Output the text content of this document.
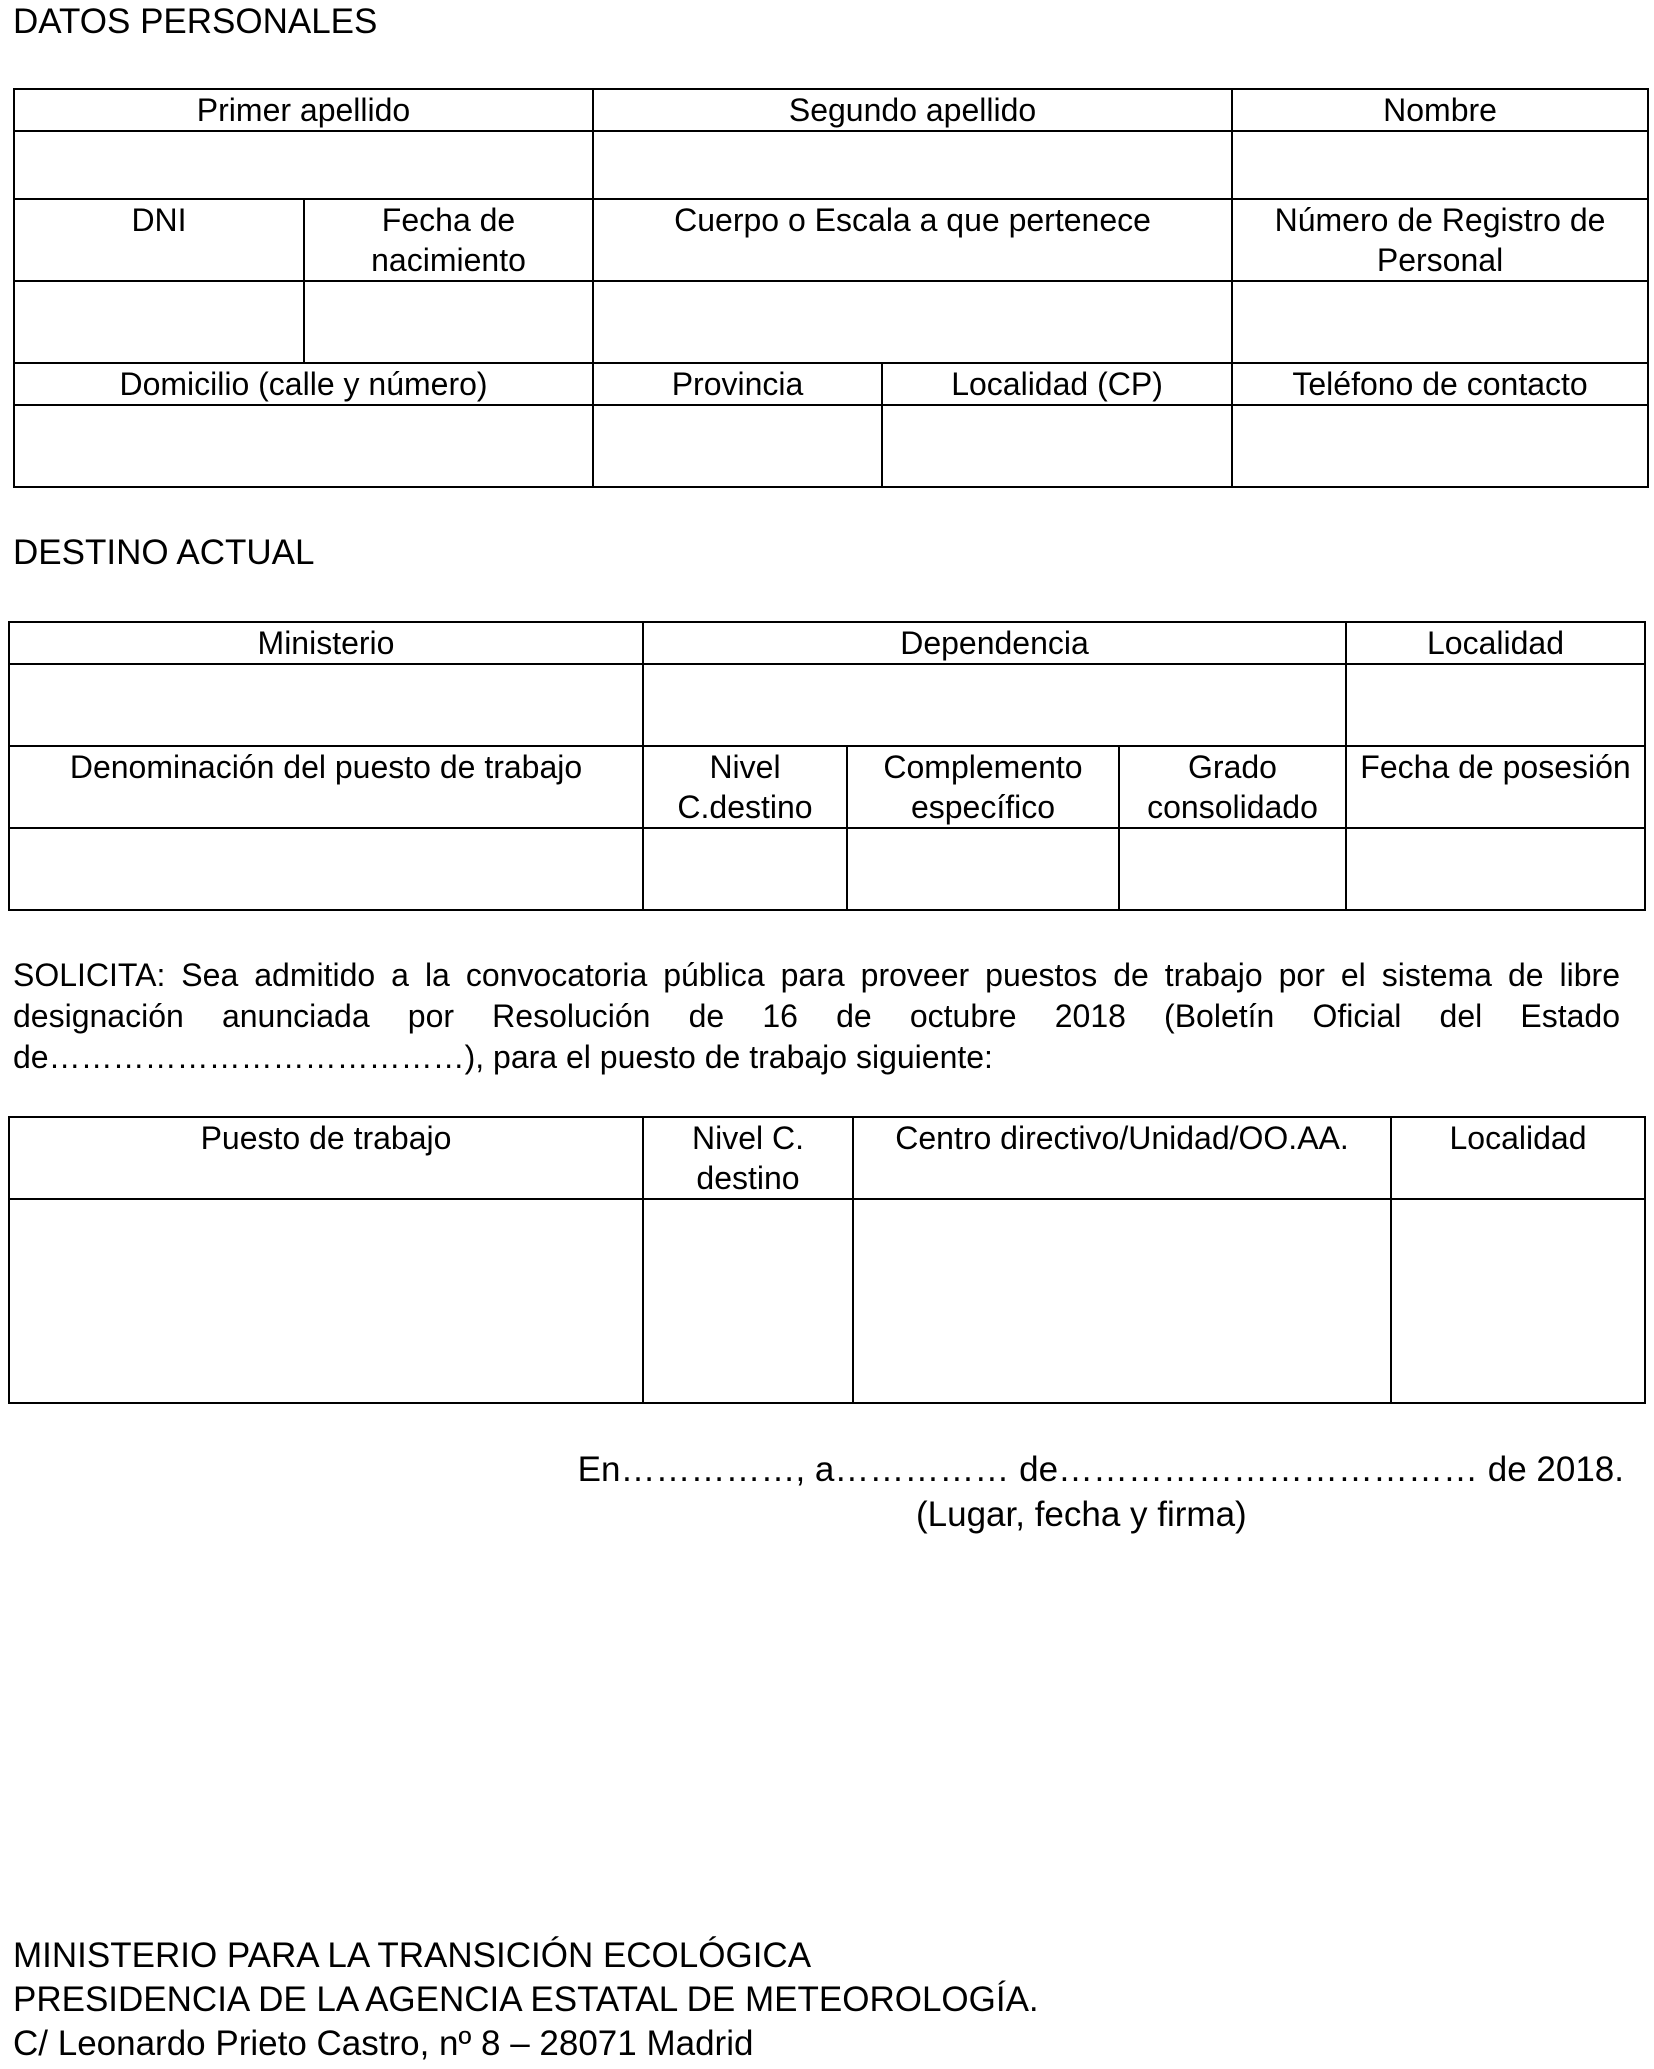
DATOS PERSONALES
Primer apellido		Segundo apellido		Nombre

DNI	Fecha de nacimiento	Cuerpo o Escala a que pertenece		Número de Registro de Personal

Domicilio (calle y número)		Provincia	Localidad (CP)	Teléfono de contacto

DESTINO ACTUAL
Ministerio	Dependencia			Localidad

Denominación del puesto de trabajo	Nivel C.destino	Complemento específico	Grado consolidado	Fecha de posesión

SOLICITA: Sea admitido a la convocatoria pública para proveer puestos de trabajo por el sistema de libre designación anunciada por Resolución de 16 de octubre 2018 (Boletín Oficial del Estado de…………………………………), para el puesto de trabajo siguiente:

Puesto de trabajo	Nivel C. destino	Centro directivo/Unidad/OO.AA.	Localidad

En……………, a…………… de……………………………… de 2018.

(Lugar, fecha y firma)

MINISTERIO PARA LA TRANSICIÓN ECOLÓGICA
PRESIDENCIA DE LA AGENCIA ESTATAL DE METEOROLOGÍA.
C/ Leonardo Prieto Castro, nº 8 – 28071 Madrid
